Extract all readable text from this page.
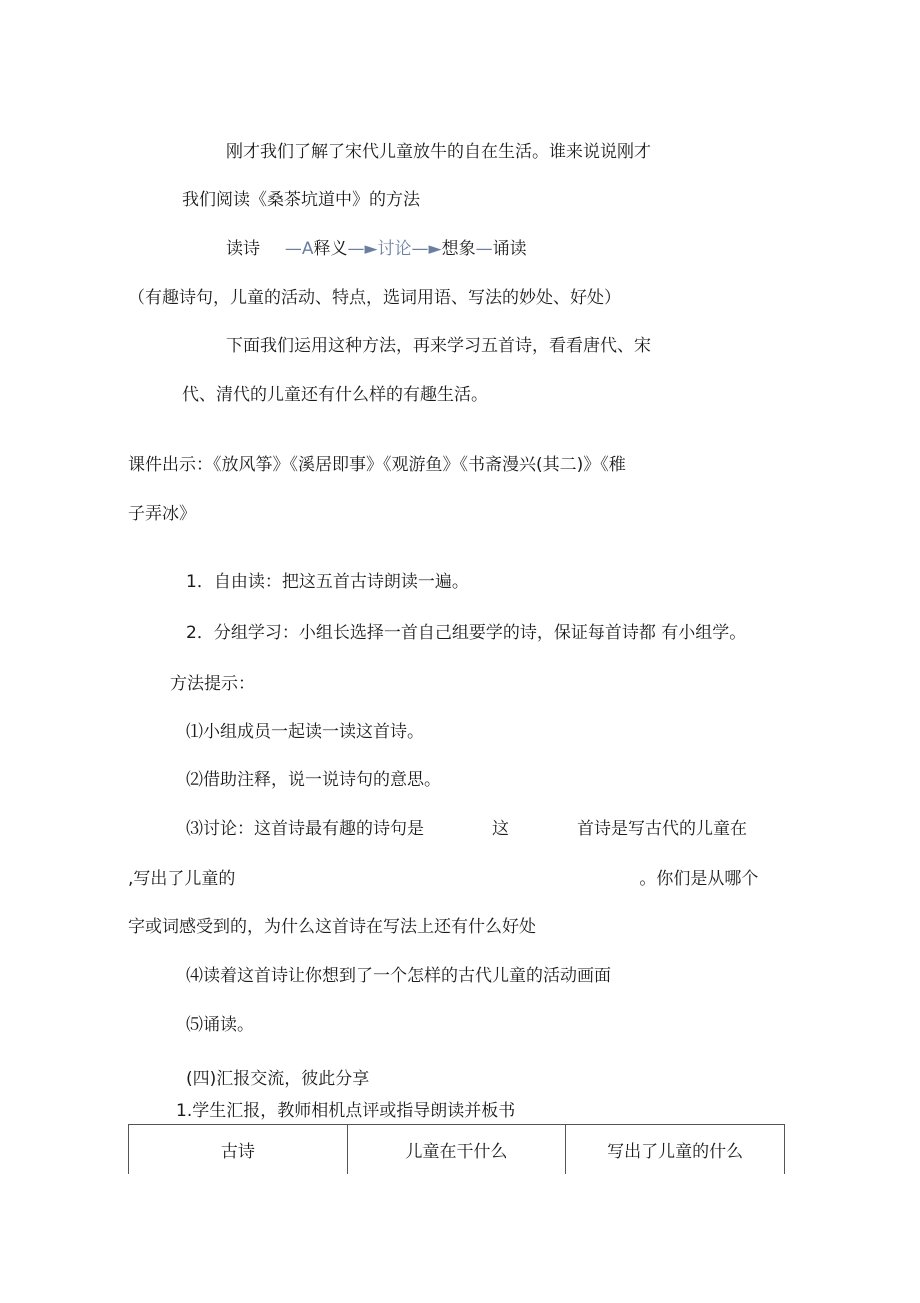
刚才我们了解了宋代儿童放牛的自在生活。谁来说说刚才
我们阅读《桑茶坑道中》的方法
读诗 —A释义—►讨论—►想象—诵读
（有趣诗句，儿童的活动、特点，选词用语、写法的妙处、好处）
下面我们运用这种方法，再来学习五首诗，看看唐代、宋
代、清代的儿童还有什么样的有趣生活。
课件出示：《放风筝》《溪居即事》《观游鱼》《书斋漫兴(其二)》《稚
子弄冰》
1．自由读：把这五首古诗朗读一遍。
2．分组学习：小组长选择一首自己组要学的诗，保证每首诗都 有小组学。
方法提示：
⑴小组成员一起读一读这首诗。
⑵借助注释，说一说诗句的意思。
⑶讨论：这首诗最有趣的诗句是	这	首诗是写古代的儿童在
,写出了儿童的	。你们是从哪个
字或词感受到的，为什么这首诗在写法上还有什么好处
⑷读着这首诗让你想到了一个怎样的古代儿童的活动画面
⑸诵读。
(四)汇报交流，彼此分享
1.学生汇报，教师相机点评或指导朗读并板书
古诗	儿童在干什么	写出了儿童的什么
